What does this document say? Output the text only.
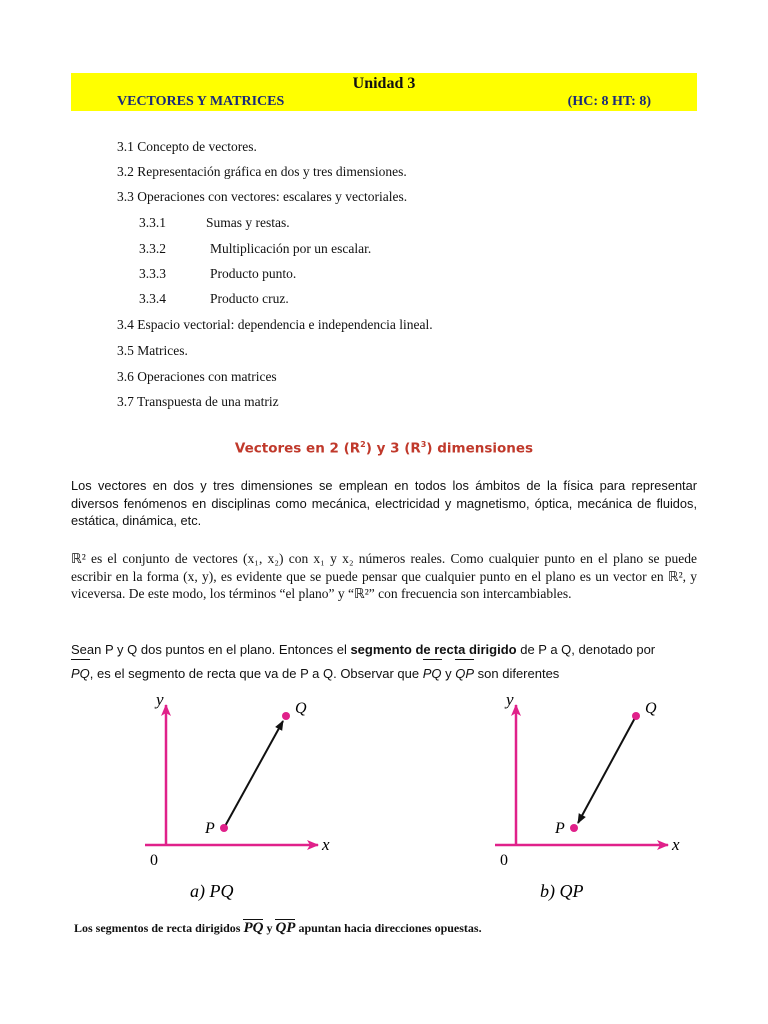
Unidad 3
VECTORES Y MATRICES	(HC: 8 HT: 8)
3.1 Concepto de vectores.
3.2 Representación gráfica en dos y tres dimensiones.
3.3 Operaciones con vectores: escalares y vectoriales.
3.3.1	Sumas y restas.
3.3.2	Multiplicación por un escalar.
3.3.3	Producto punto.
3.3.4	Producto cruz.
3.4 Espacio vectorial: dependencia e independencia lineal.
3.5 Matrices.
3.6 Operaciones con matrices
3.7 Transpuesta de una matriz
Vectores en 2 $(R^2)$ y 3 $(R^3)$ dimensiones
Los vectores en dos y tres dimensiones se emplean en todos los ámbitos de la física para representar diversos fenómenos en disciplinas como mecánica, electricidad y magnetismo, óptica, mecánica de fluidos, estática, dinámica, etc.
ℝ² es el conjunto de vectores (x₁, x₂) con x₁ y x₂ números reales. Como cualquier punto en el plano se puede escribir en la forma (x, y), es evidente que se puede pensar que cualquier punto en el plano es un vector en ℝ², y viceversa. De este modo, los términos “el plano” y “ℝ²” con frecuencia son intercambiables.
Sean P y Q dos puntos en el plano. Entonces el segmento de recta dirigido de P a Q, denotado por
PQ, es el segmento de recta que va de P a Q. Observar que PQ y QP son diferentes
y
x
0
P
Q
a) PQ
y
x
0
P
Q
b) QP
Los segmentos de recta dirigidos PQ y QP apuntan hacia direcciones opuestas.
